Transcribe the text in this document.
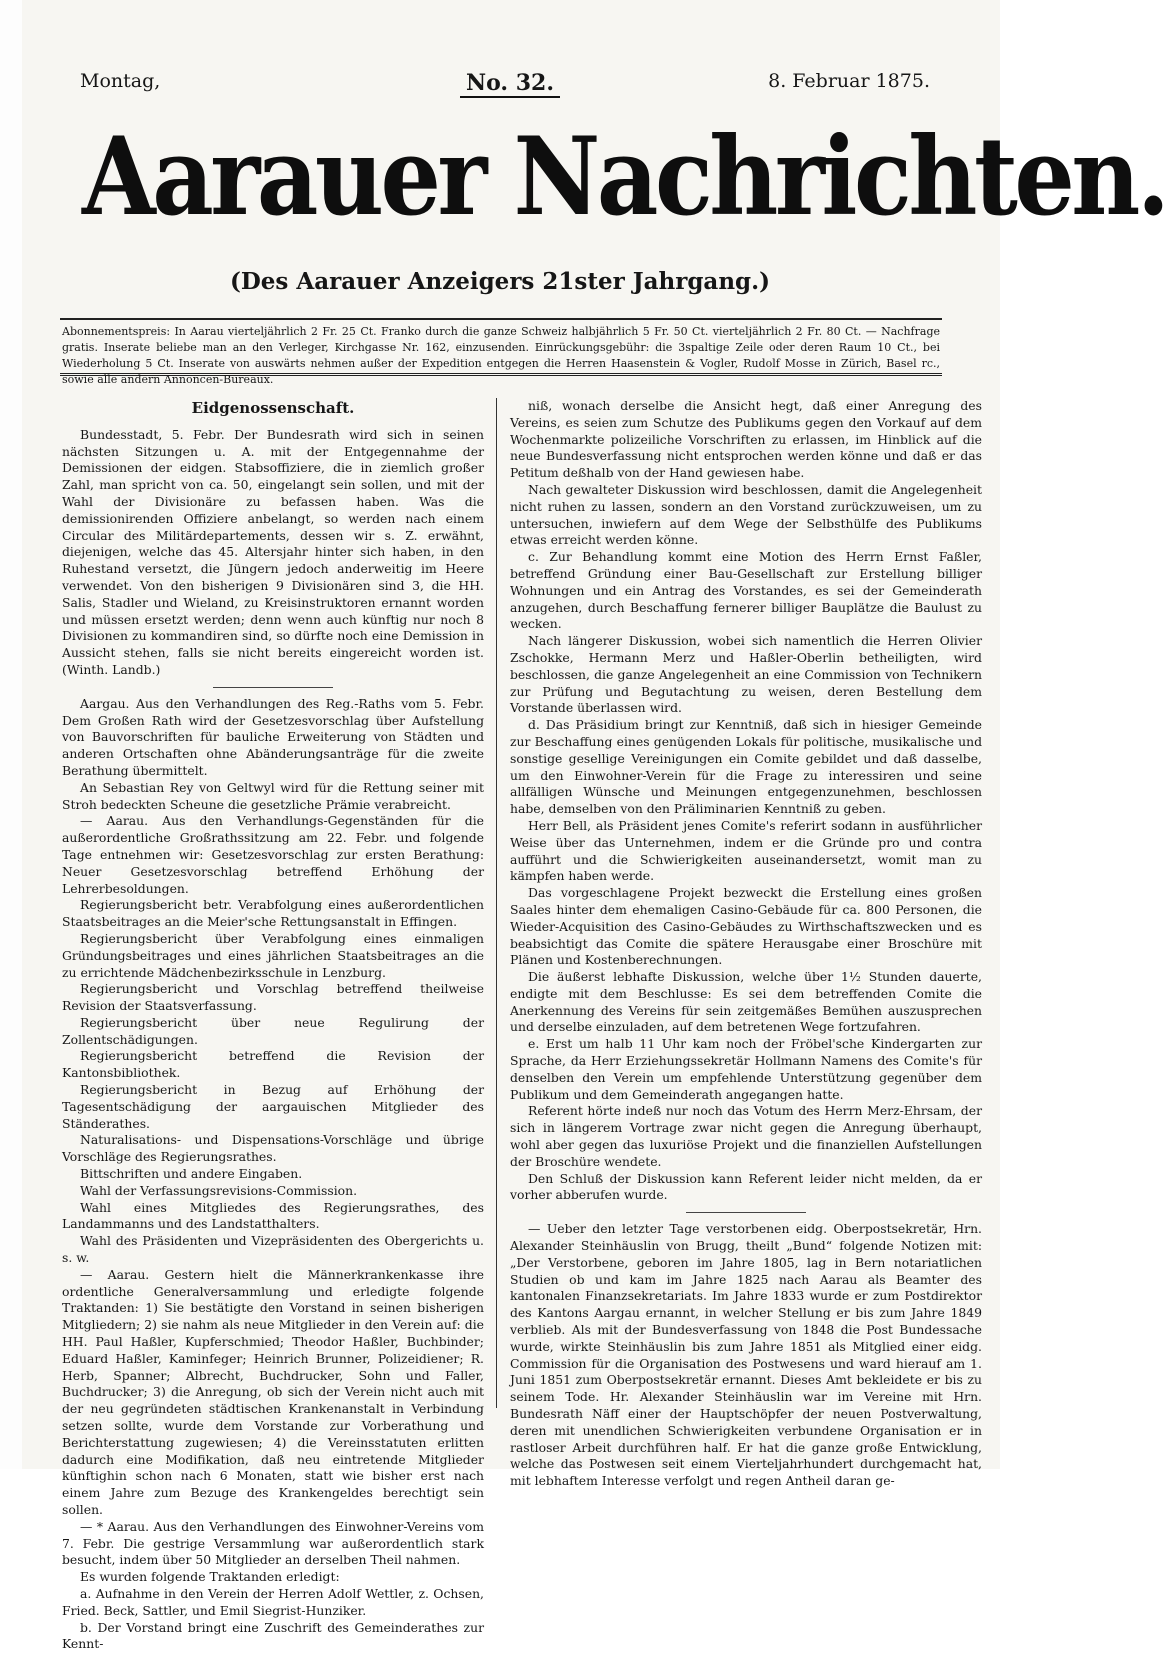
Montag,	No. 32.	8. Februar 1875.
Aarauer Nachrichten.
(Des Aarauer Anzeigers 21ster Jahrgang.)
Abonnementspreis: In Aarau vierteljährlich 2 Fr. 25 Ct. Franko durch die ganze Schweiz halbjährlich 5 Fr. 50 Ct. vierteljährlich 2 Fr. 80 Ct. — Nachfrage gratis. Inserate beliebe man an den Verleger, Kirchgasse Nr. 162, einzusenden. Einrückungsgebühr: die 3spaltige Zeile oder deren Raum 10 Ct., bei Wiederholung 5 Ct. Inserate von auswärts nehmen außer der Expedition entgegen die Herren Haasenstein & Vogler, Rudolf Mosse in Zürich, Basel rc., sowie alle andern Annoncen-Bureaux.
Eidgenossenschaft.

Bundesstadt, 5. Febr. Der Bundesrath wird sich in seinen nächsten Sitzungen u. A. mit der Entgegennahme der Demissionen der eidgen. Stabsoffiziere, die in ziemlich großer Zahl, man spricht von ca. 50, eingelangt sein sollen, und mit der Wahl der Divisionäre zu befassen haben. Was die demissionirenden Offiziere anbelangt, so werden nach einem Circular des Militärdepartements, dessen wir s. Z. erwähnt, diejenigen, welche das 45. Altersjahr hinter sich haben, in den Ruhestand versetzt, die Jüngern jedoch anderweitig im Heere verwendet. Von den bisherigen 9 Divisionären sind 3, die HH. Salis, Stadler und Wieland, zu Kreisinstruktoren ernannt worden und müssen ersetzt werden; denn wenn auch künftig nur noch 8 Divisionen zu kommandiren sind, so dürfte noch eine Demission in Aussicht stehen, falls sie nicht bereits eingereicht worden ist. (Winth. Landb.)

Aargau. Aus den Verhandlungen des Reg.-Raths vom 5. Febr. Dem Großen Rath wird der Gesetzesvorschlag über Aufstellung von Bauvorschriften für bauliche Erweiterung von Städten und anderen Ortschaften ohne Abänderungsanträge für die zweite Berathung übermittelt.

An Sebastian Rey von Geltwyl wird für die Rettung seiner mit Stroh bedeckten Scheune die gesetzliche Prämie verabreicht.

— Aarau. Aus den Verhandlungs-Gegenständen für die außerordentliche Großrathssitzung am 22. Febr. und folgende Tage entnehmen wir: Gesetzesvorschlag zur ersten Berathung: Neuer Gesetzesvorschlag betreffend Erhöhung der Lehrerbesoldungen.

Regierungsbericht betr. Verabfolgung eines außerordentlichen Staatsbeitrages an die Meier'sche Rettungsanstalt in Effingen.

Regierungsbericht über Verabfolgung eines einmaligen Gründungsbeitrages und eines jährlichen Staatsbeitrages an die zu errichtende Mädchenbezirksschule in Lenzburg.

Regierungsbericht und Vorschlag betreffend theilweise Revision der Staatsverfassung.

Regierungsbericht über neue Regulirung der Zollentschädigungen.

Regierungsbericht betreffend die Revision der Kantonsbibliothek.

Regierungsbericht in Bezug auf Erhöhung der Tagesentschädigung der aargauischen Mitglieder des Ständerathes.

Naturalisations- und Dispensations-Vorschläge und übrige Vorschläge des Regierungsrathes.

Bittschriften und andere Eingaben.

Wahl der Verfassungsrevisions-Commission.

Wahl eines Mitgliedes des Regierungsrathes, des Landammanns und des Landstatthalters.

Wahl des Präsidenten und Vizepräsidenten des Obergerichts u. s. w.

— Aarau. Gestern hielt die Männerkrankenkasse ihre ordentliche Generalversammlung und erledigte folgende Traktanden: 1) Sie bestätigte den Vorstand in seinen bisherigen Mitgliedern; 2) sie nahm als neue Mitglieder in den Verein auf: die HH. Paul Haßler, Kupferschmied; Theodor Haßler, Buchbinder; Eduard Haßler, Kaminfeger; Heinrich Brunner, Polizeidiener; R. Herb, Spanner; Albrecht, Buchdrucker, Sohn und Faller, Buchdrucker; 3) die Anregung, ob sich der Verein nicht auch mit der neu gegründeten städtischen Krankenanstalt in Verbindung setzen sollte, wurde dem Vorstande zur Vorberathung und Berichterstattung zugewiesen; 4) die Vereinsstatuten erlitten dadurch eine Modifikation, daß neu eintretende Mitglieder künftighin schon nach 6 Monaten, statt wie bisher erst nach einem Jahre zum Bezuge des Krankengeldes berechtigt sein sollen.

— * Aarau. Aus den Verhandlungen des Einwohner-Vereins vom 7. Febr. Die gestrige Versammlung war außerordentlich stark besucht, indem über 50 Mitglieder an derselben Theil nahmen.

Es wurden folgende Traktanden erledigt:

a. Aufnahme in den Verein der Herren Adolf Wettler, z. Ochsen, Fried. Beck, Sattler, und Emil Siegrist-Hunziker.

b. Der Vorstand bringt eine Zuschrift des Gemeinderathes zur Kennt-

niß, wonach derselbe die Ansicht hegt, daß einer Anregung des Vereins, es seien zum Schutze des Publikums gegen den Vorkauf auf dem Wochenmarkte polizeiliche Vorschriften zu erlassen, im Hinblick auf die neue Bundesverfassung nicht entsprochen werden könne und daß er das Petitum deßhalb von der Hand gewiesen habe.

Nach gewalteter Diskussion wird beschlossen, damit die Angelegenheit nicht ruhen zu lassen, sondern an den Vorstand zurückzuweisen, um zu untersuchen, inwiefern auf dem Wege der Selbsthülfe des Publikums etwas erreicht werden könne.

c. Zur Behandlung kommt eine Motion des Herrn Ernst Faßler, betreffend Gründung einer Bau-Gesellschaft zur Erstellung billiger Wohnungen und ein Antrag des Vorstandes, es sei der Gemeinderath anzugehen, durch Beschaffung fernerer billiger Bauplätze die Baulust zu wecken.

Nach längerer Diskussion, wobei sich namentlich die Herren Olivier Zschokke, Hermann Merz und Haßler-Oberlin betheiligten, wird beschlossen, die ganze Angelegenheit an eine Commission von Technikern zur Prüfung und Begutachtung zu weisen, deren Bestellung dem Vorstande überlassen wird.

d. Das Präsidium bringt zur Kenntniß, daß sich in hiesiger Gemeinde zur Beschaffung eines genügenden Lokals für politische, musikalische und sonstige gesellige Vereinigungen ein Comite gebildet und daß dasselbe, um den Einwohner-Verein für die Frage zu interessiren und seine allfälligen Wünsche und Meinungen entgegenzunehmen, beschlossen habe, demselben von den Präliminarien Kenntniß zu geben.

Herr Bell, als Präsident jenes Comite's referirt sodann in ausführlicher Weise über das Unternehmen, indem er die Gründe pro und contra aufführt und die Schwierigkeiten auseinandersetzt, womit man zu kämpfen haben werde.

Das vorgeschlagene Projekt bezweckt die Erstellung eines großen Saales hinter dem ehemaligen Casino-Gebäude für ca. 800 Personen, die Wieder-Acquisition des Casino-Gebäudes zu Wirthschaftszwecken und es beabsichtigt das Comite die spätere Herausgabe einer Broschüre mit Plänen und Kostenberechnungen.

Die äußerst lebhafte Diskussion, welche über 1½ Stunden dauerte, endigte mit dem Beschlusse: Es sei dem betreffenden Comite die Anerkennung des Vereins für sein zeitgemäßes Bemühen auszusprechen und derselbe einzuladen, auf dem betretenen Wege fortzufahren.

e. Erst um halb 11 Uhr kam noch der Fröbel'sche Kindergarten zur Sprache, da Herr Erziehungssekretär Hollmann Namens des Comite's für denselben den Verein um empfehlende Unterstützung gegenüber dem Publikum und dem Gemeinderath angegangen hatte.

Referent hörte indeß nur noch das Votum des Herrn Merz-Ehrsam, der sich in längerem Vortrage zwar nicht gegen die Anregung überhaupt, wohl aber gegen das luxuriöse Projekt und die finanziellen Aufstellungen der Broschüre wendete.

Den Schluß der Diskussion kann Referent leider nicht melden, da er vorher abberufen wurde.

— Ueber den letzter Tage verstorbenen eidg. Oberpostsekretär, Hrn. Alexander Steinhäuslin von Brugg, theilt „Bund“ folgende Notizen mit: „Der Verstorbene, geboren im Jahre 1805, lag in Bern notariatlichen Studien ob und kam im Jahre 1825 nach Aarau als Beamter des kantonalen Finanzsekretariats. Im Jahre 1833 wurde er zum Postdirektor des Kantons Aargau ernannt, in welcher Stellung er bis zum Jahre 1849 verblieb. Als mit der Bundesverfassung von 1848 die Post Bundessache wurde, wirkte Steinhäuslin bis zum Jahre 1851 als Mitglied einer eidg. Commission für die Organisation des Postwesens und ward hierauf am 1. Juni 1851 zum Oberpostsekretär ernannt. Dieses Amt bekleidete er bis zu seinem Tode. Hr. Alexander Steinhäuslin war im Vereine mit Hrn. Bundesrath Näff einer der Hauptschöpfer der neuen Postverwaltung, deren mit unendlichen Schwierigkeiten verbundene Organisation er in rastloser Arbeit durchführen half. Er hat die ganze große Entwicklung, welche das Postwesen seit einem Vierteljahrhundert durchgemacht hat, mit lebhaftem Interesse verfolgt und regen Antheil daran ge-
